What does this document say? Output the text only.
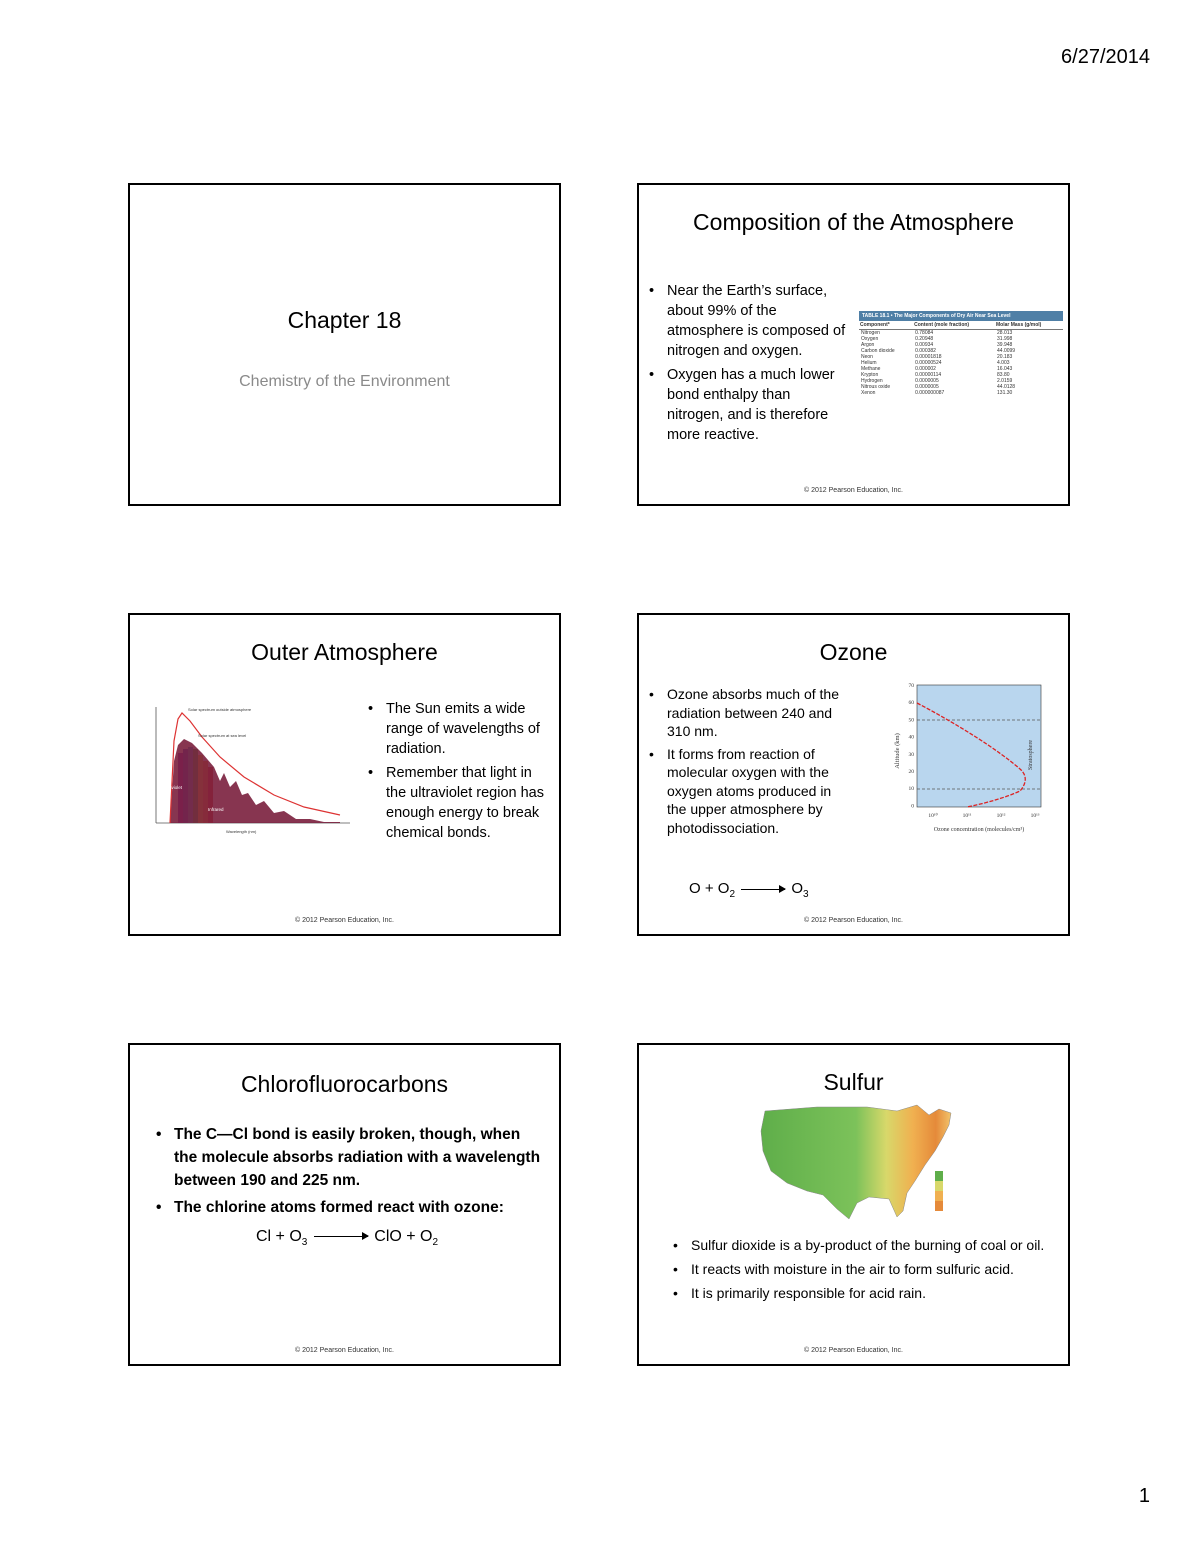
6/27/2014
Chapter 18
Chemistry of the Environment
Composition of the Atmosphere
• Near the Earth’s surface, about 99% of the atmosphere is composed of nitrogen and oxygen.
• Oxygen has a much lower bond enthalpy than nitrogen, and is therefore more reactive.
TABLE 18.1 • The Major Components of Dry Air Near Sea Level
Component*	Content (mole fraction)	Molar Mass (g/mol)
Nitrogen	0.78084	28.013
Oxygen	0.20948	31.998
Argon	0.00934	39.948
Carbon dioxide	0.000382	44.0099
Neon	0.00001818	20.183
Helium	0.00000524	4.003
Methane	0.000002	16.043
Krypton	0.00000114	83.80
Hydrogen	0.0000005	2.0159
Nitrous oxide	0.0000005	44.0128
Xenon	0.000000087	131.30
© 2012 Pearson Education, Inc.
Outer Atmosphere
Solar spectrum outside atmosphere
Solar spectrum at sea level
Ultraviolet
Infrared
Wavelength (nm)
• The Sun emits a wide range of wavelengths of radiation.
• Remember that light in the ultraviolet region has enough energy to break chemical bonds.
© 2012 Pearson Education, Inc.
Ozone
• Ozone absorbs much of the radiation between 240 and 310 nm.
• It forms from reaction of molecular oxygen with the oxygen atoms produced in the upper atmosphere by photodissociation.
$O + O_2 \to O_3$
70
60
50
40
30
20
10
0
10¹⁰	10¹¹	10¹²	10¹³
Altitude (km)	Stratosphere
Ozone concentration (molecules/cm³)
© 2012 Pearson Education, Inc.
Chlorofluorocarbons
• The C—Cl bond is easily broken, though, when the molecule absorbs radiation with a wavelength between 190 and 225 nm.
• The chlorine atoms formed react with ozone:
$Cl + O_3$ → ClO + $O_2$
© 2012 Pearson Education, Inc.
Sulfur
• Sulfur dioxide is a by-product of the burning of coal or oil.
• It reacts with moisture in the air to form sulfuric acid.
• It is primarily responsible for acid rain.
© 2012 Pearson Education, Inc.
1
